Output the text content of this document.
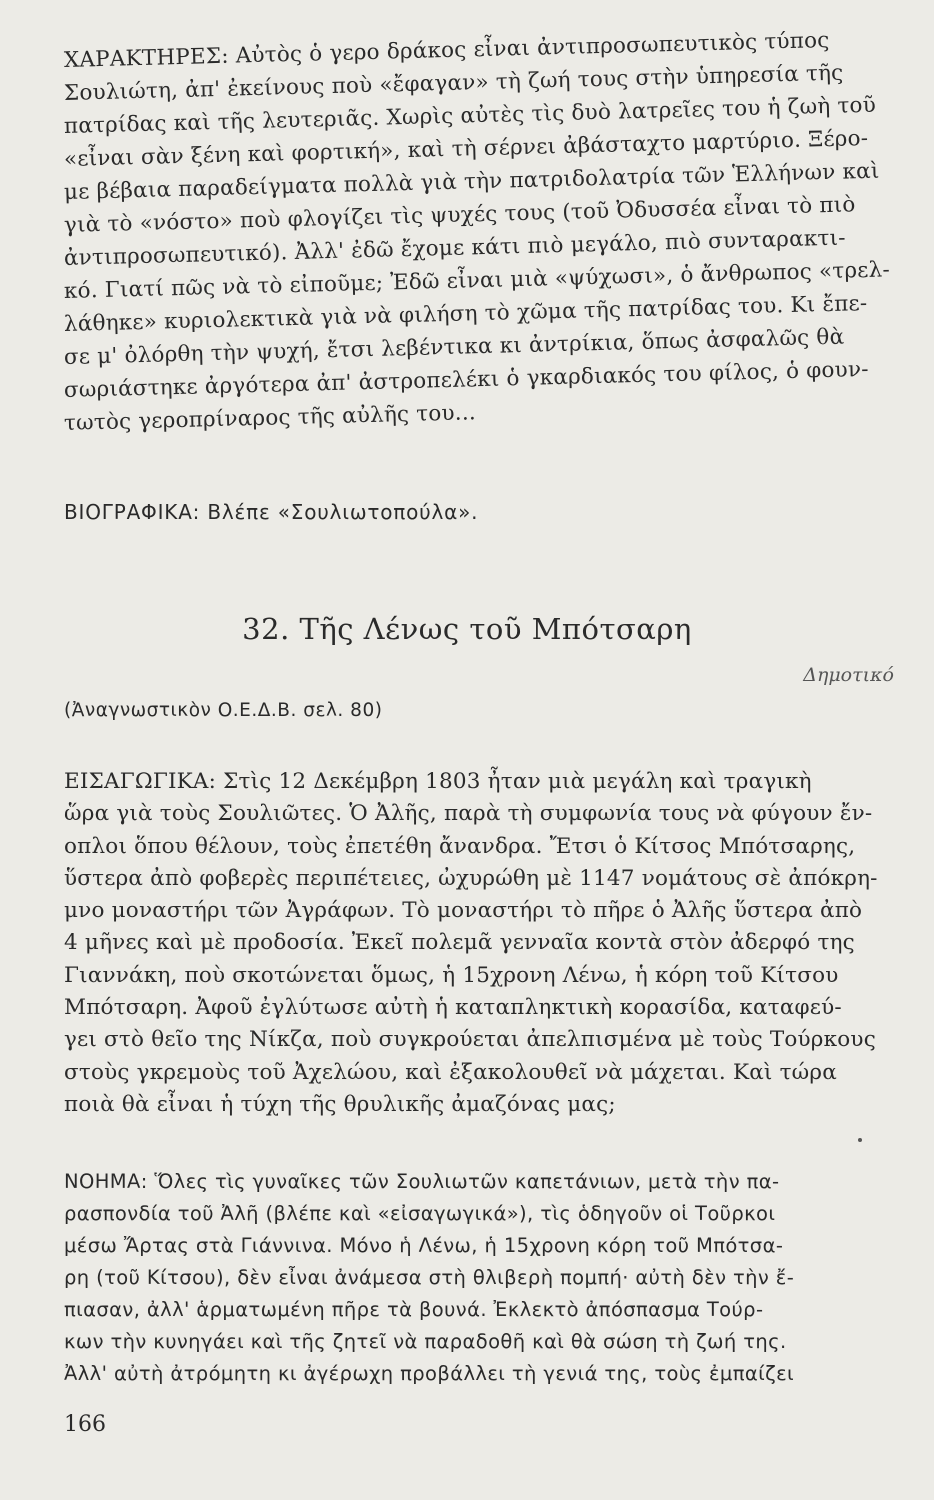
ΧΑΡΑΚΤΗΡΕΣ: Αὐτὸς ὁ γερο δράκος εἶναι ἀντιπροσωπευτικὸς τύπος
Σουλιώτη, ἀπ' ἐκείνους ποὺ «ἔφαγαν» τὴ ζωή τους στὴν ὑπηρεσία τῆς
πατρίδας καὶ τῆς λευτεριᾶς. Χωρὶς αὐτὲς τὶς δυὸ λατρεῖες του ἡ ζωὴ τοῦ
«εἶναι σὰν ξένη καὶ φορτική», καὶ τὴ σέρνει ἀβάσταχτο μαρτύριο. Ξέρο-
με βέβαια παραδείγματα πολλὰ γιὰ τὴν πατριδολατρία τῶν Ἑλλήνων καὶ
γιὰ τὸ «νόστο» ποὺ φλογίζει τὶς ψυχές τους (τοῦ Ὀδυσσέα εἶναι τὸ πιὸ
ἀντιπροσωπευτικό). Ἀλλ' ἐδῶ ἔχομε κάτι πιὸ μεγάλο, πιὸ συνταρακτι-
κό. Γιατί πῶς νὰ τὸ εἰποῦμε; Ἐδῶ εἶναι μιὰ «ψύχωσι», ὁ ἄνθρωπος «τρελ-
λάθηκε» κυριολεκτικὰ γιὰ νὰ φιλήση τὸ χῶμα τῆς πατρίδας του. Κι ἔπε-
σε μ' ὀλόρθη τὴν ψυχή, ἔτσι λεβέντικα κι ἀντρίκια, ὅπως ἀσφαλῶς θὰ
σωριάστηκε ἀργότερα ἀπ' ἀστροπελέκι ὁ γκαρδιακός του φίλος, ὁ φουν-
τωτὸς γεροπρίναρος τῆς αὐλῆς του...
ΒΙΟΓΡΑΦΙΚΑ: Βλέπε «Σουλιωτοπούλα».
32. Τῆς Λένως τοῦ Μπότσαρη
Δημοτικό
(Ἀναγνωστικὸν Ο.Ε.Δ.Β. σελ. 80)
ΕΙΣΑΓΩΓΙΚΑ: Στὶς 12 Δεκέμβρη 1803 ἦταν μιὰ μεγάλη καὶ τραγικὴ
ὥρα γιὰ τοὺς Σουλιῶτες. Ὁ Ἀλῆς, παρὰ τὴ συμφωνία τους νὰ φύγουν ἔν-
οπλοι ὅπου θέλουν, τοὺς ἐπετέθη ἄνανδρα. Ἔτσι ὁ Κίτσος Μπότσαρης,
ὕστερα ἀπὸ φοβερὲς περιπέτειες, ὠχυρώθη μὲ 1147 νομάτους σὲ ἀπόκρη-
μνο μοναστήρι τῶν Ἀγράφων. Τὸ μοναστήρι τὸ πῆρε ὁ Ἀλῆς ὕστερα ἀπὸ
4 μῆνες καὶ μὲ προδοσία. Ἐκεῖ πολεμᾶ γενναῖα κοντὰ στὸν ἀδερφό της
Γιαννάκη, ποὺ σκοτώνεται ὅμως, ἡ 15χρονη Λένω, ἡ κόρη τοῦ Κίτσου
Μπότσαρη. Ἀφοῦ ἐγλύτωσε αὐτὴ ἡ καταπληκτικὴ κορασίδα, καταφεύ-
γει στὸ θεῖο της Νίκζα, ποὺ συγκρούεται ἀπελπισμένα μὲ τοὺς Τούρκους
στοὺς γκρεμοὺς τοῦ Ἀχελώου, καὶ ἐξακολουθεῖ νὰ μάχεται. Καὶ τώρα
ποιὰ θὰ εἶναι ἡ τύχη τῆς θρυλικῆς ἀμαζόνας μας;
ΝΟΗΜΑ: Ὅλες τὶς γυναῖκες τῶν Σουλιωτῶν καπετάνιων, μετὰ τὴν πα-
ρασπονδία τοῦ Ἀλῆ (βλέπε καὶ «εἰσαγωγικά»), τὶς ὁδηγοῦν οἱ Τοῦρκοι
μέσω Ἄρτας στὰ Γιάννινα. Μόνο ἡ Λένω, ἡ 15χρονη κόρη τοῦ Μπότσα-
ρη (τοῦ Κίτσου), δὲν εἶναι ἀνάμεσα στὴ θλιβερὴ πομπή· αὐτὴ δὲν τὴν ἔ-
πιασαν, ἀλλ' ἁρματωμένη πῆρε τὰ βουνά. Ἐκλεκτὸ ἀπόσπασμα Τούρ-
κων τὴν κυνηγάει καὶ τῆς ζητεῖ νὰ παραδοθῆ καὶ θὰ σώση τὴ ζωή της.
Ἀλλ' αὐτὴ ἀτρόμητη κι ἀγέρωχη προβάλλει τὴ γενιά της, τοὺς ἐμπαίζει
166
